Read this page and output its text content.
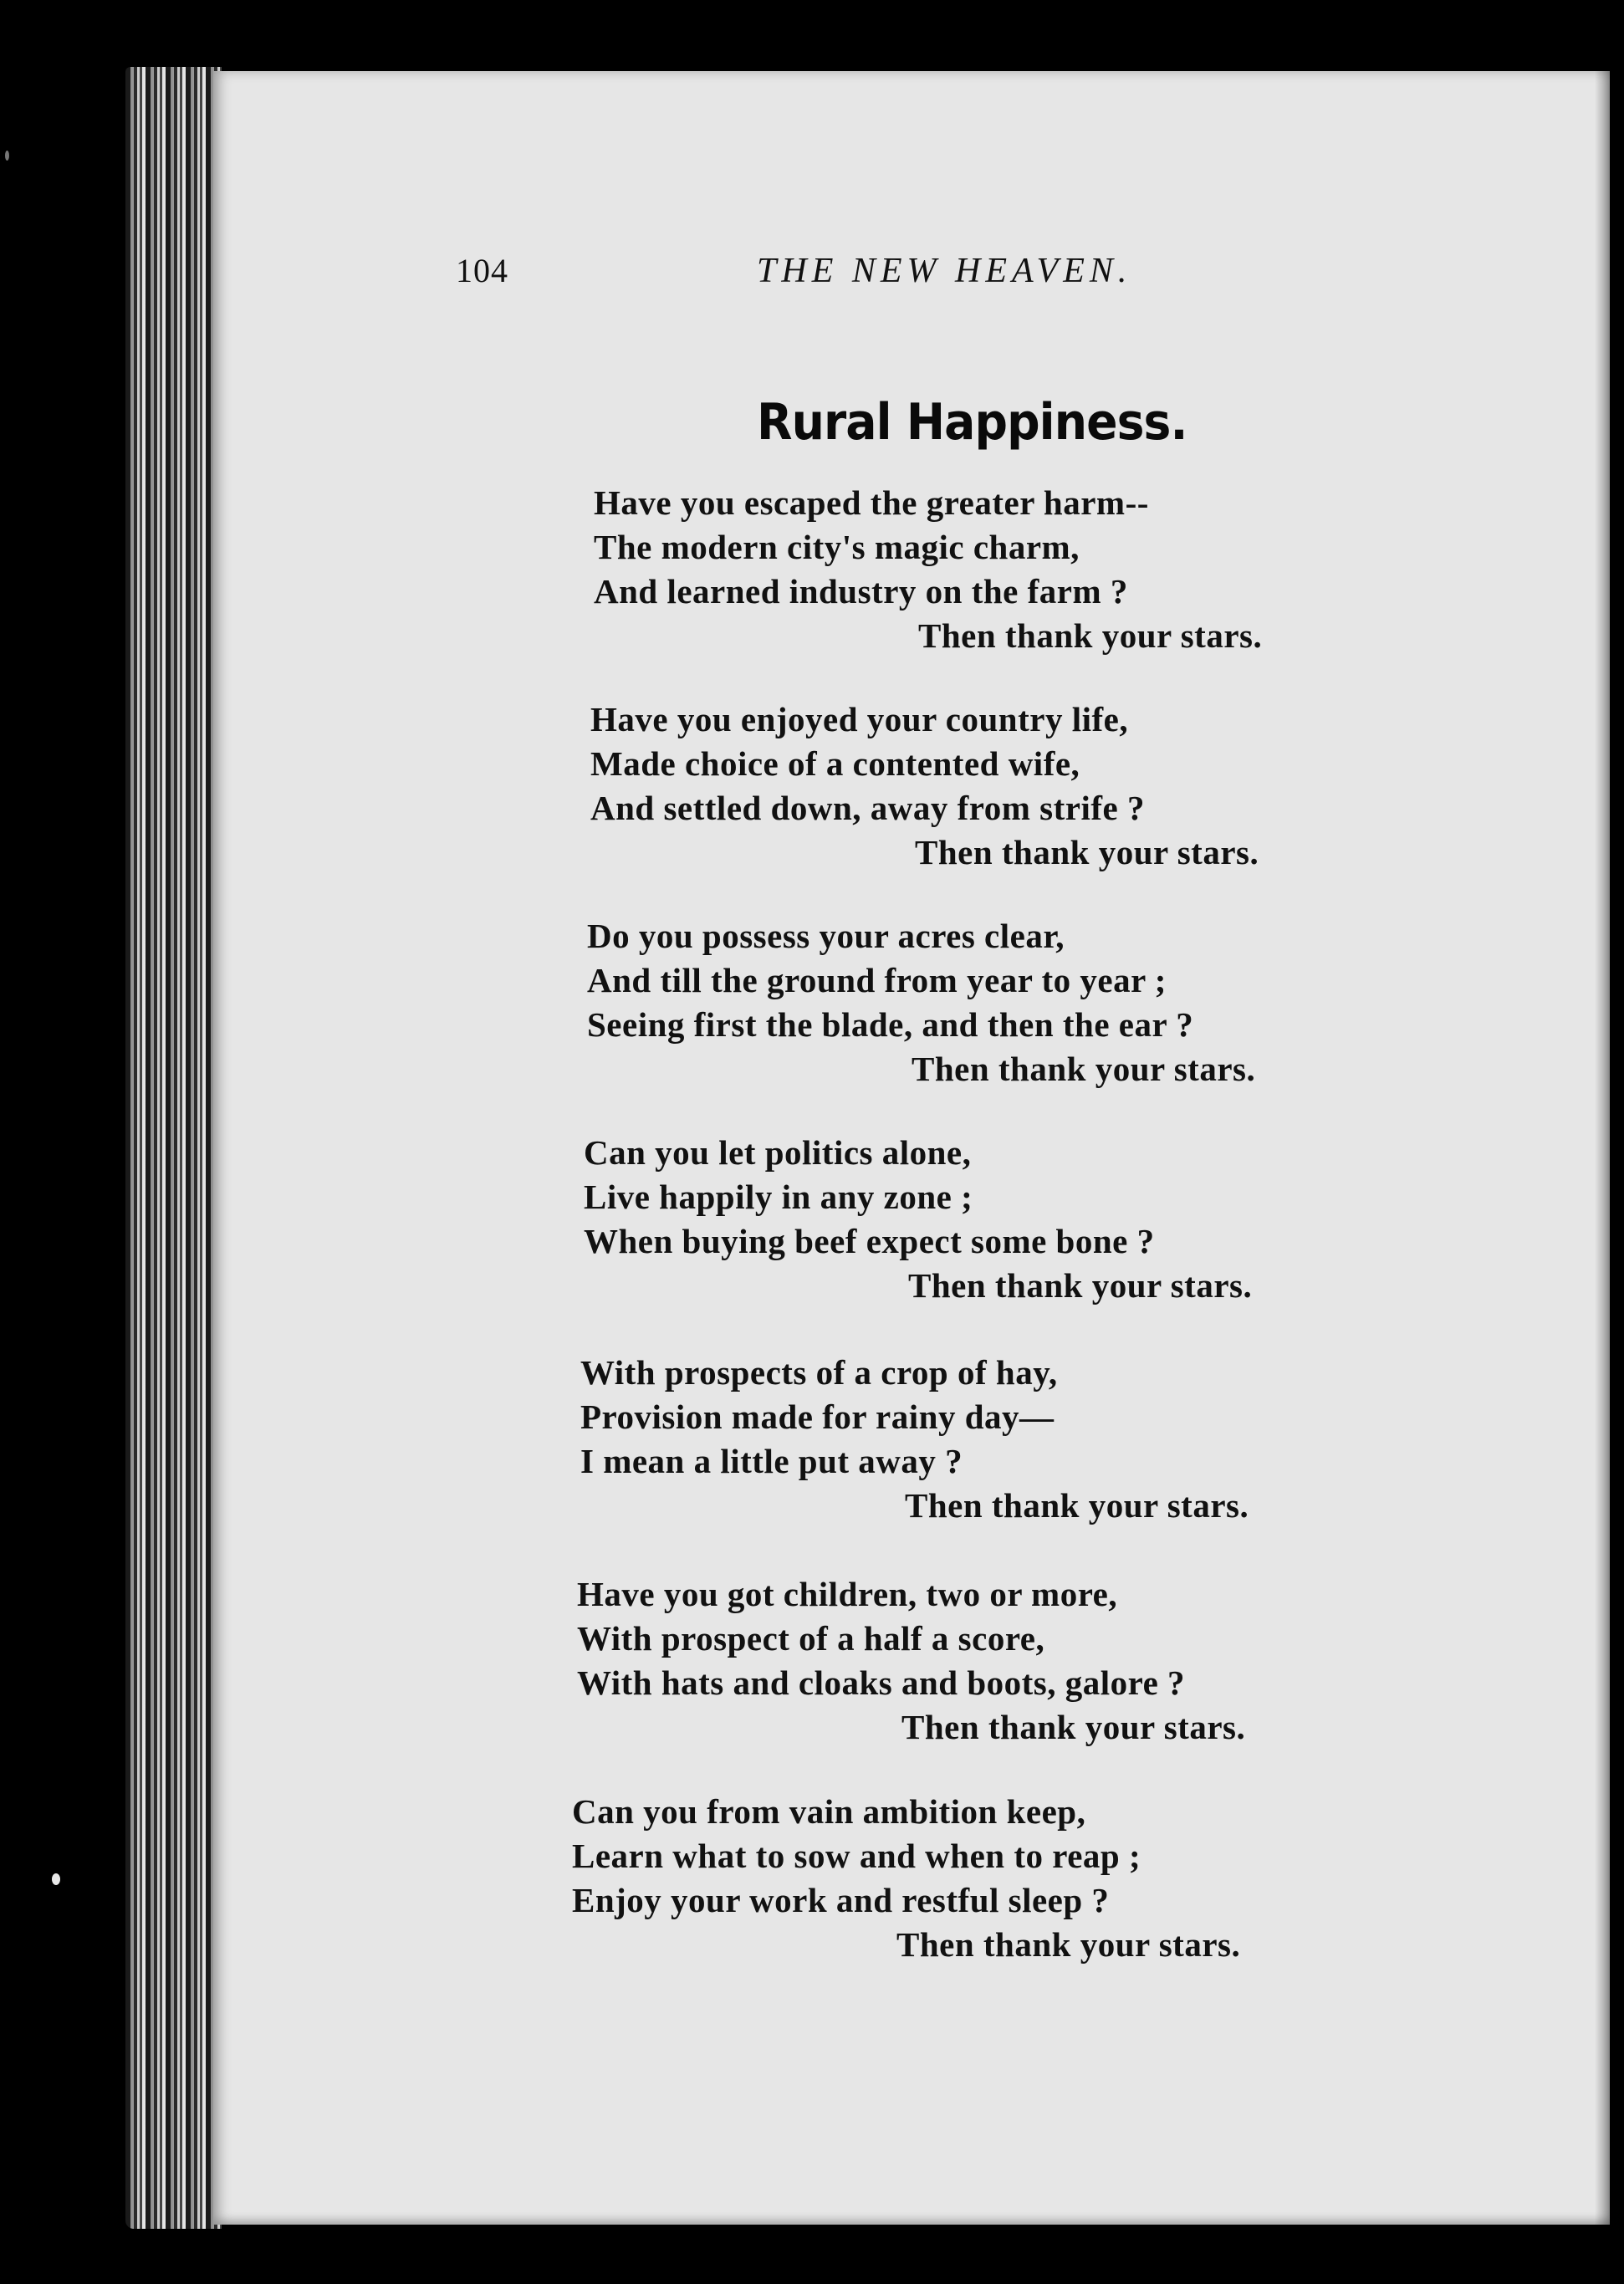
104	THE NEW HEAVEN.
Rural Happiness.
Have you escaped the greater harm--
The modern city's magic charm,
And learned industry on the farm ?
Then thank your stars.
Have you enjoyed your country life,
Made choice of a contented wife,
And settled down, away from strife ?
Then thank your stars.
Do you possess your acres clear,
And till the ground from year to year ;
Seeing first the blade, and then the ear ?
Then thank your stars.
Can you let politics alone,
Live happily in any zone ;
When buying beef expect some bone ?
Then thank your stars.
With prospects of a crop of hay,
Provision made for rainy day—
I mean a little put away ?
Then thank your stars.
Have you got children, two or more,
With prospect of a half a score,
With hats and cloaks and boots, galore ?
Then thank your stars.
Can you from vain ambition keep,
Learn what to sow and when to reap ;
Enjoy your work and restful sleep ?
Then thank your stars.
